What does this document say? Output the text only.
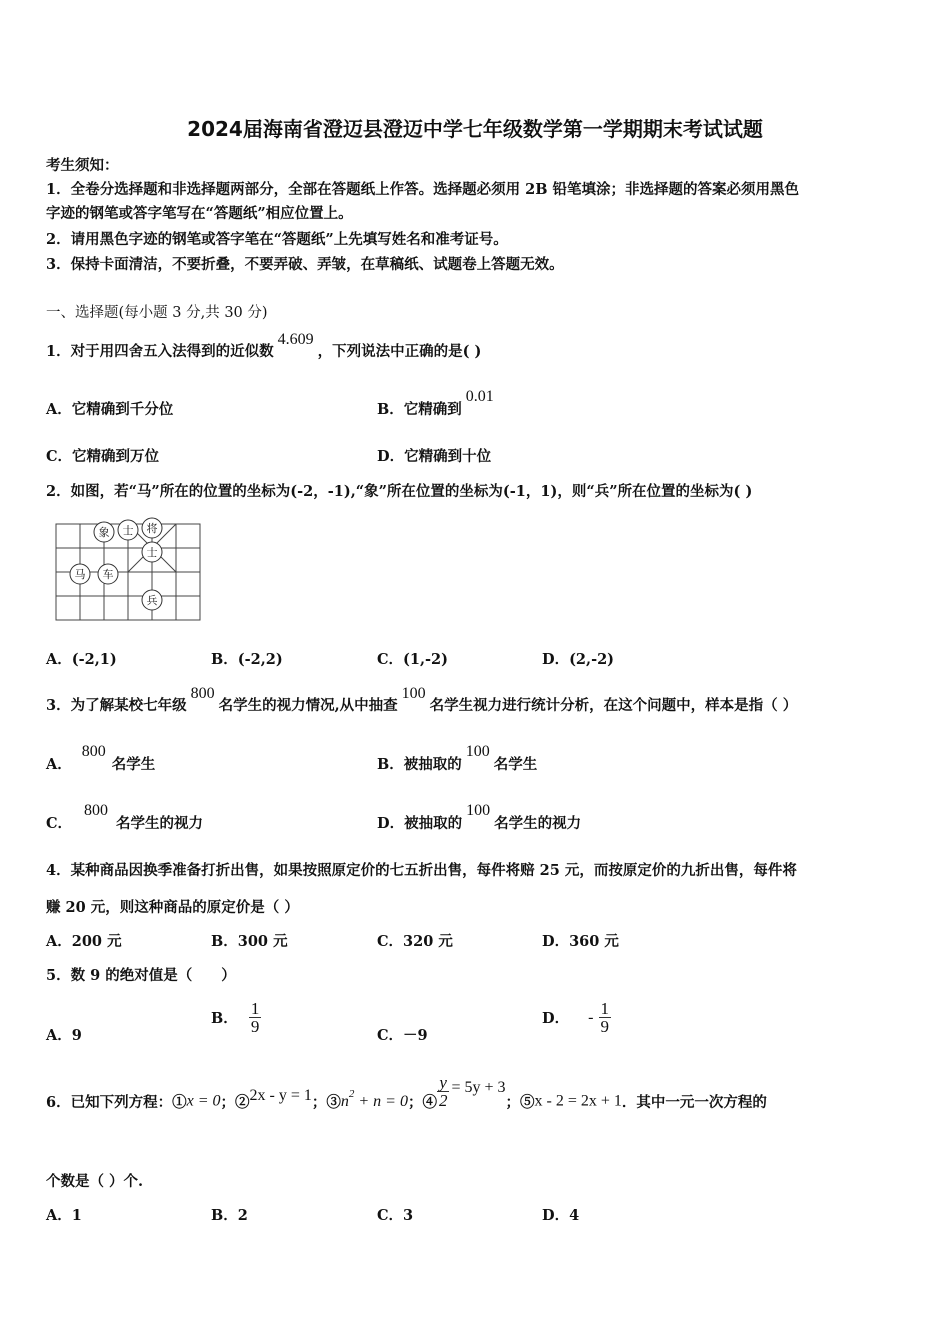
2024届海南省澄迈县澄迈中学七年级数学第一学期期末考试试题
考生须知：
1．全卷分选择题和非选择题两部分，全部在答题纸上作答。选择题必须用 2B 铅笔填涂；非选择题的答案必须用黑色
字迹的钢笔或答字笔写在“答题纸”相应位置上。
2．请用黑色字迹的钢笔或答字笔在“答题纸”上先填写姓名和准考证号。
3．保持卡面清洁，不要折叠，不要弄破、弄皱，在草稿纸、试题卷上答题无效。
一、选择题(每小题 3 分,共 30 分)
1．对于用四舍五入法得到的近似数4.609，下列说法中正确的是( )
A．它精确到千分位	B．它精确到0.01
C．它精确到万位	D．它精确到十位
2．如图，若“马”所在的位置的坐标为(-2，-1),“象”所在位置的坐标为(-1，1)，则“兵”所在位置的坐标为( )
象 士 将
士
马 车
兵
A．(-2,1)	B．(-2,2)	C．(1,-2)	D．(2,-2)
3．为了解某校七年级800名学生的视力情况,从中抽查100名学生视力进行统计分析，在这个问题中，样本是指（ ）
A．800名学生	B．被抽取的100名学生
C．800名学生的视力	D．被抽取的100名学生的视力
4．某种商品因换季准备打折出售，如果按照原定价的七五折出售，每件将赔 25 元，而按原定价的九折出售，每件将
赚 20 元，则这种商品的原定价是（ ）
A．200 元	B．300 元	C．320 元	D．360 元
5．数 9 的绝对值是（　　）
A．9
B． $\frac{1}{9}$
C．－9
D． - $\frac{1}{9}$
6．已知下列方程：①x = 0；②2x - y = 1；$③n^2 + n = 0$；④ $\frac{y}{2} = 5y + 3$；⑤x - 2 = 2x + 1．其中一元一次方程的
个数是（ ）个.
A．1	B．2	C．3	D．4
